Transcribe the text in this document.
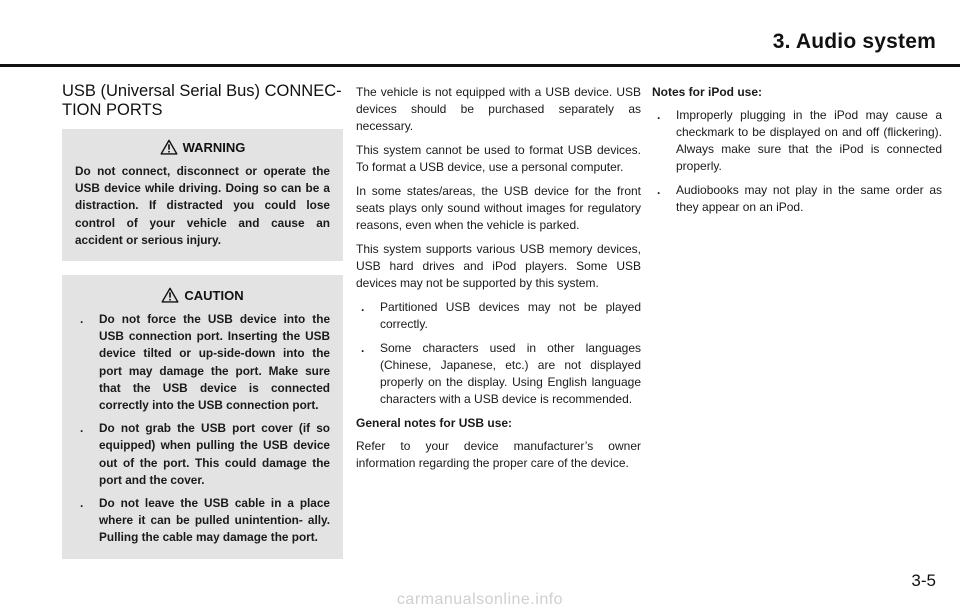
3. Audio system
USB (Universal Serial Bus) CONNEC- TION PORTS
WARNING

Do not connect, disconnect or operate the USB device while driving. Doing so can be a distraction. If distracted you could lose control of your vehicle and cause an accident or serious injury.

CAUTION
. Do not force the USB device into the USB connection port. Inserting the USB device tilted or up-side-down into the port may damage the port. Make sure that the USB device is connected correctly into the USB connection port.
. Do not grab the USB port cover (if so equipped) when pulling the USB device out of the port. This could damage the port and the cover.
. Do not leave the USB cable in a place where it can be pulled unintention- ally. Pulling the cable may damage the port.

The vehicle is not equipped with a USB device. USB devices should be purchased separately as necessary.

This system cannot be used to format USB devices. To format a USB device, use a personal computer.

In some states/areas, the USB device for the front seats plays only sound without images for regulatory reasons, even when the vehicle is parked.

This system supports various USB memory devices, USB hard drives and iPod players. Some USB devices may not be supported by this system.

. Partitioned USB devices may not be played correctly.
. Some characters used in other languages (Chinese, Japanese, etc.) are not displayed properly on the display. Using English language characters with a USB device is recommended.
General notes for USB use:

Refer to your device manufacturer’s owner information regarding the proper care of the device.

Notes for iPod use:
. Improperly plugging in the iPod may cause a checkmark to be displayed on and off (flickering). Always make sure that the iPod is connected properly.
. Audiobooks may not play in the same order as they appear on an iPod.
3-5
carmanualsonline.info
